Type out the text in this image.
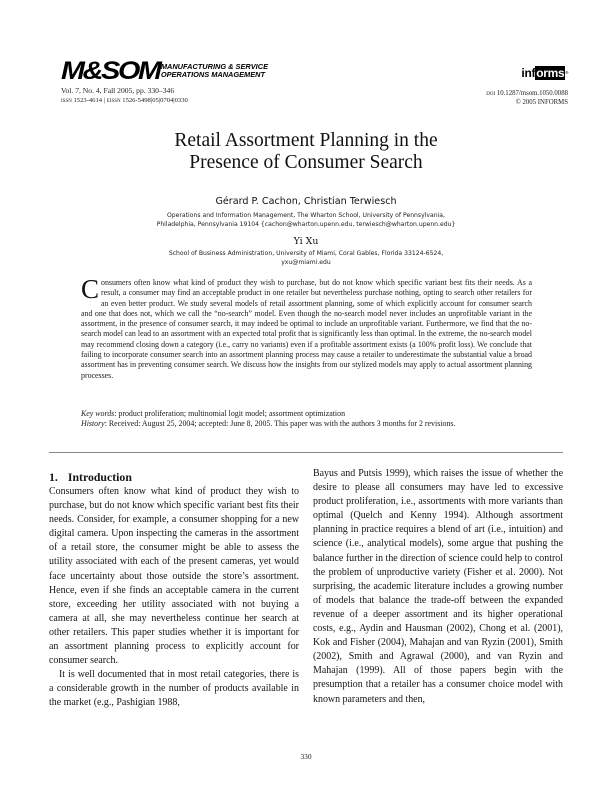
M&SOM MANUFACTURING & SERVICE
OPERATIONS MANAGEMENT
Vol. 7, No. 4, Fall 2005, pp. 330–346
issn 1523-4614 | eissn 1526-5498|05|0704|0330
informs®
doi 10.1287/msom.1050.0088
© 2005 INFORMS
Retail Assortment Planning in the
Presence of Consumer Search
Gérard P. Cachon, Christian Terwiesch
Operations and Information Management, The Wharton School, University of Pennsylvania,
Philadelphia, Pennsylvania 19104 {cachon@wharton.upenn.edu, terwiesch@wharton.upenn.edu}
Yi Xu
School of Business Administration, University of Miami, Coral Gables, Florida 33124-6524,
yxu@miami.edu
Consumers often know what kind of product they wish to purchase, but do not know which specific variant best fits their needs. As a result, a consumer may find an acceptable product in one retailer but nevertheless purchase nothing, opting to search other retailers for an even better product. We study several models of retail assortment planning, some of which explicitly account for consumer search and one that does not, which we call the “no-search” model. Even though the no-search model never includes an unprofitable variant in the assortment, in the presence of consumer search, it may indeed be optimal to include an unprofitable variant. Furthermore, we find that the no-search model can lead to an assortment with an expected total profit that is significantly less than optimal. In the extreme, the no-search model may recommend closing down a category (i.e., carry no variants) even if a profitable assortment exists (a 100% profit loss). We conclude that failing to incorporate consumer search into an assortment planning process may cause a retailer to underestimate the substantial value a broad assortment has in preventing consumer search. We discuss how the insights from our stylized models may apply to actual assortment planning processes.
Key words: product proliferation; multinomial logit model; assortment optimization
History: Received: August 25, 2004; accepted: June 8, 2005. This paper was with the authors 3 months for 2 revisions.
1. Introduction

Consumers often know what kind of product they wish to purchase, but do not know which specific variant best fits their needs. Consider, for example, a consumer shopping for a new digital camera. Upon inspecting the cameras in the assortment of a retail store, the consumer might be able to assess the utility associated with each of the present cameras, yet would face uncertainty about those outside the store’s assortment. Hence, even if she finds an acceptable camera in the current store, exceeding her utility associated with not buying a camera at all, she may nevertheless continue her search at other retailers. This paper studies whether it is important for an assortment planning process to explicitly account for consumer search.

It is well documented that in most retail categories, there is a considerable growth in the number of products available in the market (e.g., Pashigian 1988,

Bayus and Putsis 1999), which raises the issue of whether the desire to please all consumers may have led to excessive product proliferation, i.e., assortments with more variants than optimal (Quelch and Kenny 1994). Although assortment planning in practice requires a blend of art (i.e., intuition) and science (i.e., analytical models), some argue that pushing the balance further in the direction of science could help to control the problem of unproductive variety (Fisher et al. 2000). Not surprising, the academic literature includes a growing number of models that balance the trade-off between the expanded revenue of a deeper assortment and its higher operational costs, e.g., Aydin and Hausman (2002), Chong et al. (2001), Kok and Fisher (2004), Mahajan and van Ryzin (2001), Smith (2002), Smith and Agrawal (2000), and van Ryzin and Mahajan (1999). All of those papers begin with the presumption that a retailer has a consumer choice model with known parameters and then,

330
